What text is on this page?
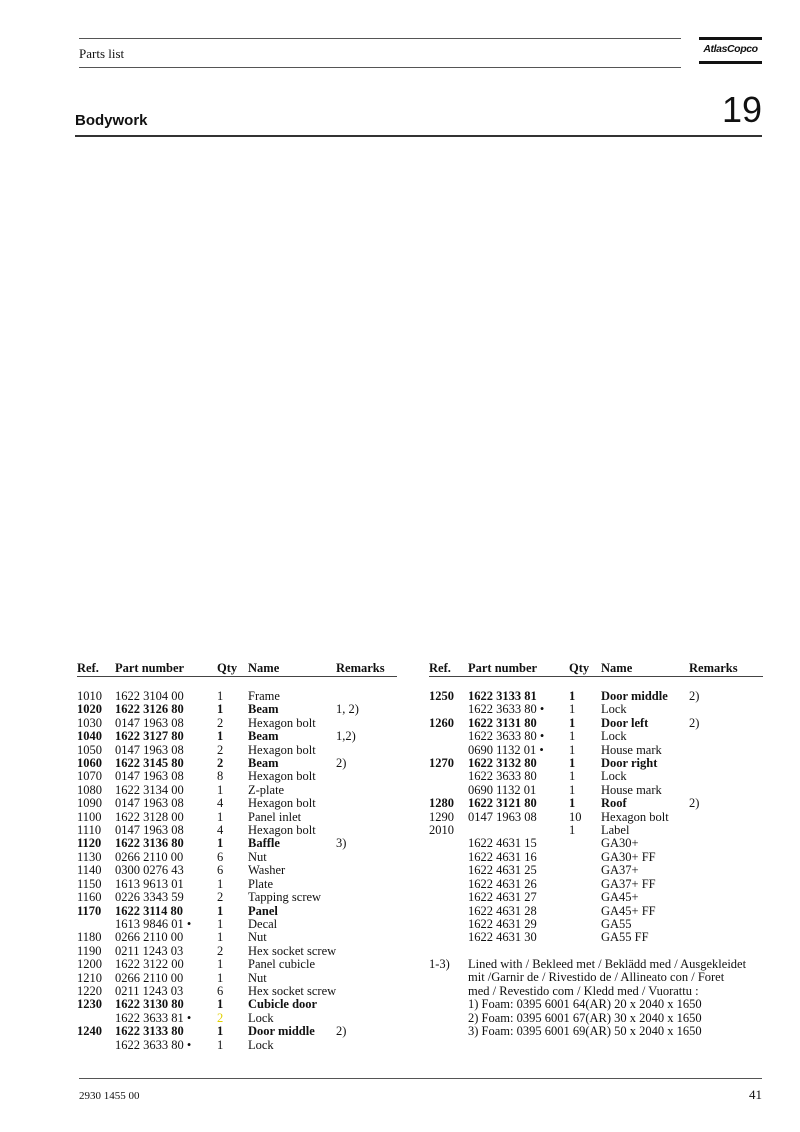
Parts list	AtlasCopco
Bodywork	19
Ref.	Part number	Qty	Name	Remarks

1010	1622 3104 00	1	Frame	
1020	1622 3126 80	1	Beam	1, 2)
1030	0147 1963 08	2	Hexagon bolt	
1040	1622 3127 80	1	Beam	1,2)
1050	0147 1963 08	2	Hexagon bolt	
1060	1622 3145 80	2	Beam	2)
1070	0147 1963 08	8	Hexagon bolt	
1080	1622 3134 00	1	Z-plate	
1090	0147 1963 08	4	Hexagon bolt	
1100	1622 3128 00	1	Panel inlet	
1110	0147 1963 08	4	Hexagon bolt	
1120	1622 3136 80	1	Baffle	3)
1130	0266 2110 00	6	Nut	
1140	0300 0276 43	6	Washer	
1150	1613 9613 01	1	Plate	
1160	0226 3343 59	2	Tapping screw	
1170	1622 3114 80	1	Panel	
	1613 9846 01 •	1	Decal	
1180	0266 2110 00	1	Nut	
1190	0211 1243 03	2	Hex socket screw	
1200	1622 3122 00	1	Panel cubicle	
1210	0266 2110 00	1	Nut	
1220	0211 1243 03	6	Hex socket screw	
1230	1622 3130 80	1	Cubicle door	
	1622 3633 81 •	2	Lock	
1240	1622 3133 80	1	Door middle	2)
	1622 3633 80 •	1	Lock	
Ref.	Part number	Qty	Name	Remarks

1250	1622 3133 81	1	Door middle	2)
	1622 3633 80 •	1	Lock	
1260	1622 3131 80	1	Door left	2)
	1622 3633 80 •	1	Lock	
	0690 1132 01 •	1	House mark	
1270	1622 3132 80	1	Door right	
	1622 3633 80	1	Lock	
	0690 1132 01	1	House mark	
1280	1622 3121 80	1	Roof	2)
1290	0147 1963 08	10	Hexagon bolt	
2010		1	Label	
	1622 4631 15		GA30+	
	1622 4631 16		GA30+ FF	
	1622 4631 25		GA37+	
	1622 4631 26		GA37+ FF	
	1622 4631 27		GA45+	
	1622 4631 28		GA45+ FF	
	1622 4631 29		GA55	
	1622 4631 30		GA55 FF	
1-3) Lined with / Bekleed met / Beklädd med / Ausgekleidet
mit /Garnir de / Rivestido de / Allineato con / Foret
med / Revestido com / Kledd med / Vuorattu :
1) Foam: 0395 6001 64(AR) 20 x 2040 x 1650
2) Foam: 0395 6001 67(AR) 30 x 2040 x 1650
3) Foam: 0395 6001 69(AR) 50 x 2040 x 1650
2930 1455 00	41
